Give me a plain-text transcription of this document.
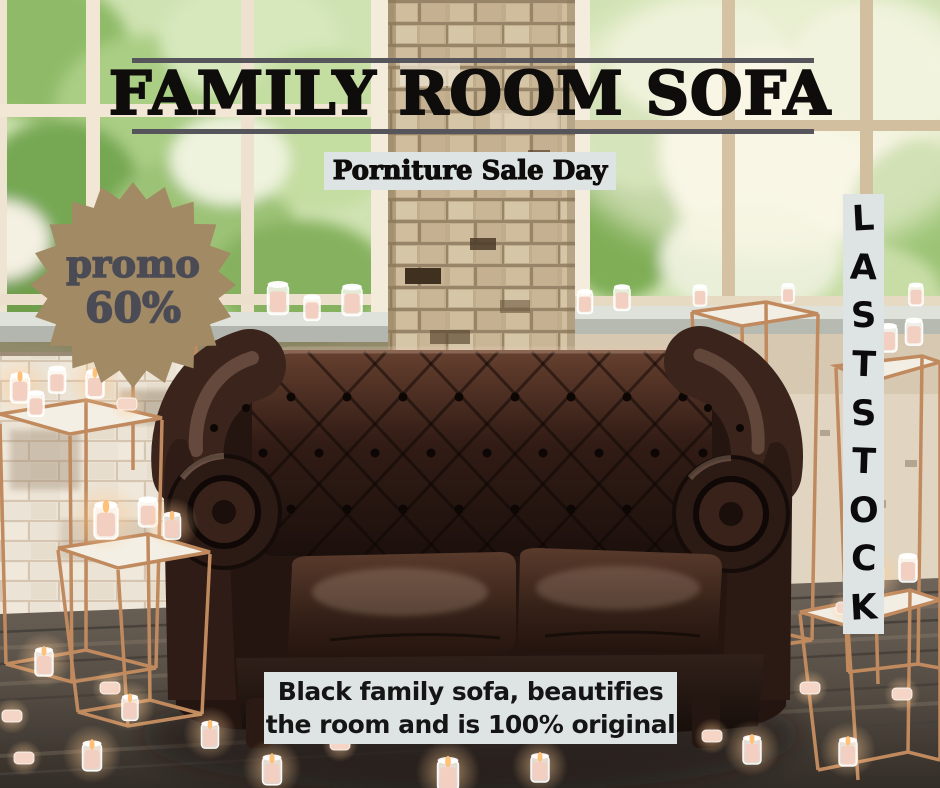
FAMILY ROOM SOFA
Porniture Sale Day
promo
60%
L
A
S
T
S
T
O
C
K
Black family sofa, beautifies
the room and is 100% original
